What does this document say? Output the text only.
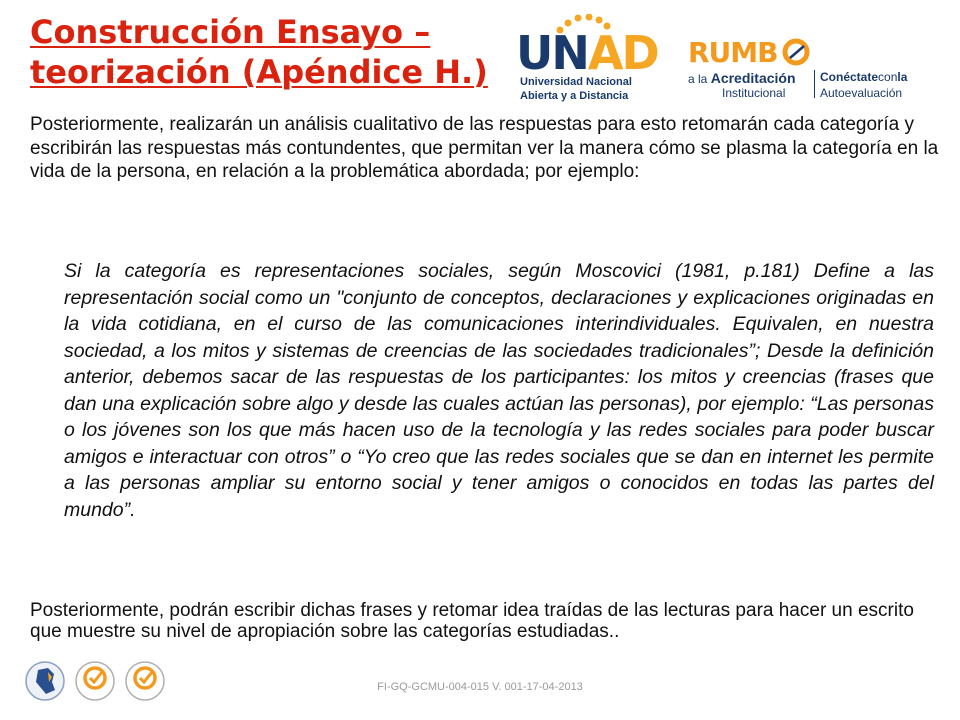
Construcción Ensayo –
teorización (Apéndice H.) UNAD
Universidad Nacional
Abierta y a Distancia
RUMB
a la Acreditación
Institucional
Conéctateconla
Autoevaluación

Posteriormente, realizarán un análisis cualitativo de las respuestas para esto retomarán cada categoría y escribirán las respuestas más contundentes, que permitan ver la manera cómo se plasma la categoría en la vida de la persona, en relación a la problemática abordada; por ejemplo:

Si la categoría es representaciones sociales, según Moscovici (1981, p.181) Define a las representación social como un "conjunto de conceptos, declaraciones y explicaciones originadas en la vida cotidiana, en el curso de las comunicaciones interindividuales. Equivalen, en nuestra sociedad, a los mitos y sistemas de creencias de las sociedades tradicionales”; Desde la definición anterior, debemos sacar de las respuestas de los participantes: los mitos y creencias (frases que dan una explicación sobre algo y desde las cuales actúan las personas), por ejemplo: “Las personas o los jóvenes son los que más hacen uso de la tecnología y las redes sociales para poder buscar amigos e interactuar con otros” o “Yo creo que las redes sociales que se dan en internet les permite a las personas ampliar su entorno social y tener amigos o conocidos en todas las partes del mundo”.

Posteriormente, podrán escribir dichas frases y retomar idea traídas de las lecturas para hacer un escrito que muestre su nivel de apropiación sobre las categorías estudiadas..

FI-GQ-GCMU-004-015 V. 001-17-04-2013
